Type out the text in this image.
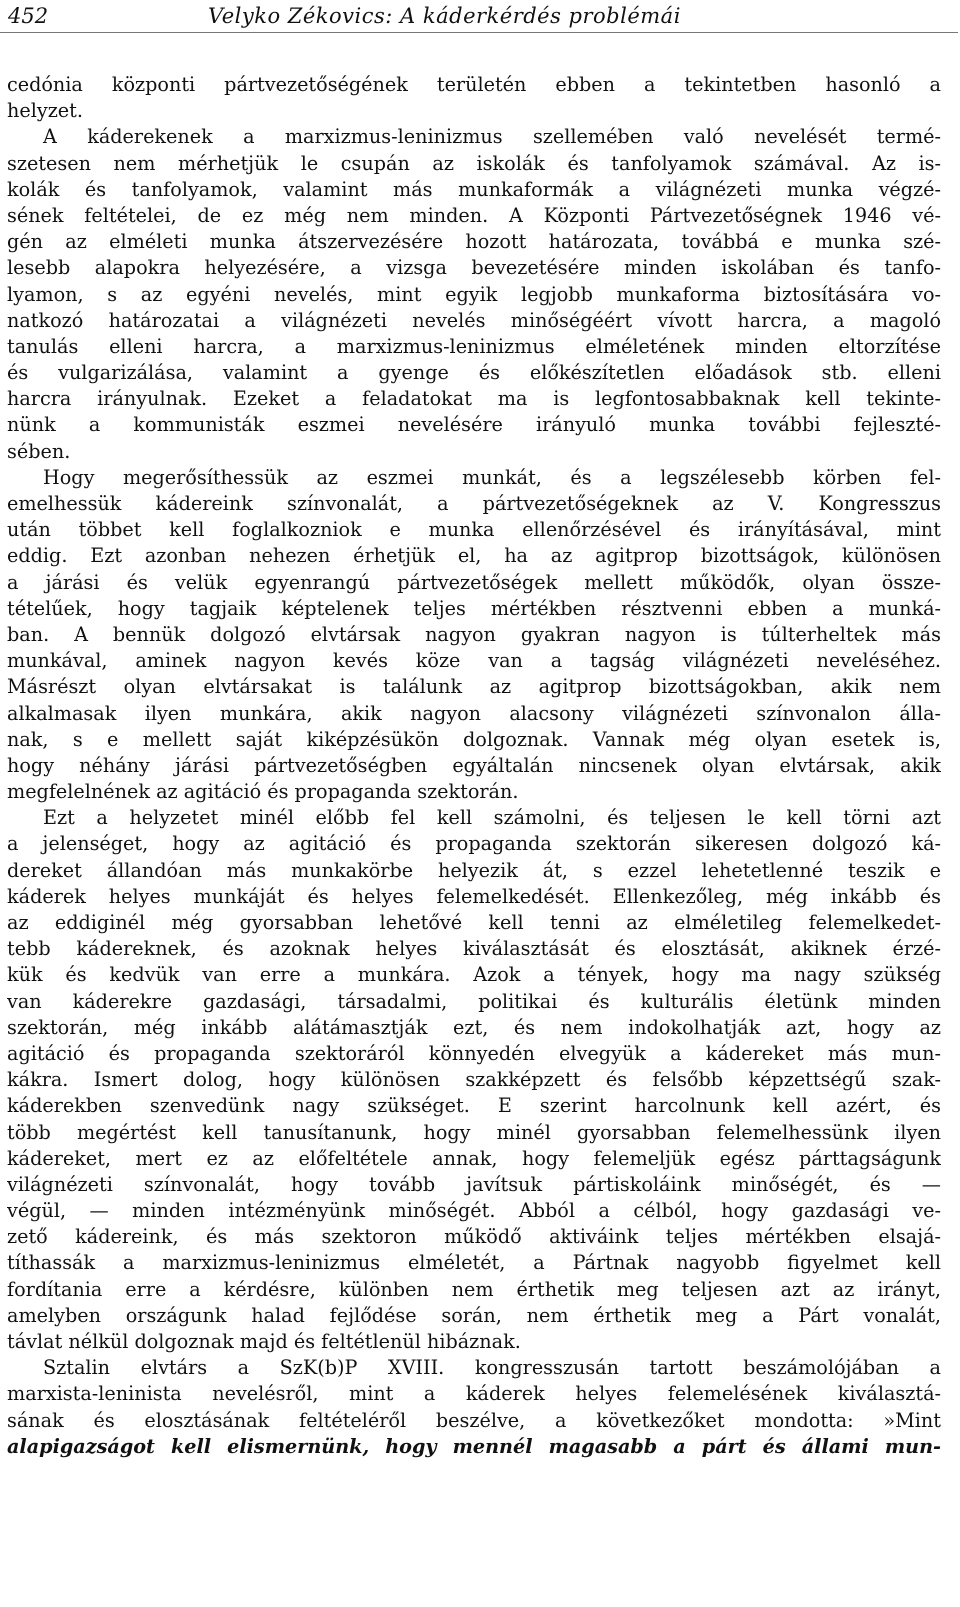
452	Velyko Zékovics: A káderkérdés problémái
cedónia központi pártvezetőségének területén ebben a tekintetben hasonló a
helyzet.
A káderekenek a marxizmus-leninizmus szellemében való nevelését termé-
szetesen nem mérhetjük le csupán az iskolák és tanfolyamok számával. Az is-
kolák és tanfolyamok, valamint más munkaformák a világnézeti munka végzé-
sének feltételei, de ez még nem minden. A Központi Pártvezetőségnek 1946 vé-
gén az elméleti munka átszervezésére hozott határozata, továbbá e munka szé-
lesebb alapokra helyezésére, a vizsga bevezetésére minden iskolában és tanfo-
lyamon, s az egyéni nevelés, mint egyik legjobb munkaforma biztosítására vo-
natkozó határozatai a világnézeti nevelés minőségéért vívott harcra, a magoló
tanulás elleni harcra, a marxizmus-leninizmus elméletének minden eltorzítése
és vulgarizálása, valamint a gyenge és előkészítetlen előadások stb. elleni
harcra irányulnak. Ezeket a feladatokat ma is legfontosabbaknak kell tekinte-
nünk a kommunisták eszmei nevelésére irányuló munka további fejleszté-
sében.
Hogy megerősíthessük az eszmei munkát, és a legszélesebb körben fel-
emelhessük kádereink színvonalát, a pártvezetőségeknek az V. Kongresszus
után többet kell foglalkozniok e munka ellenőrzésével és irányításával, mint
eddig. Ezt azonban nehezen érhetjük el, ha az agitprop bizottságok, különösen
a járási és velük egyenrangú pártvezetőségek mellett működők, olyan össze-
tételűek, hogy tagjaik képtelenek teljes mértékben résztvenni ebben a munká-
ban. A bennük dolgozó elvtársak nagyon gyakran nagyon is túlterheltek más
munkával, aminek nagyon kevés köze van a tagság világnézeti neveléséhez.
Másrészt olyan elvtársakat is találunk az agitprop bizottságokban, akik nem
alkalmasak ilyen munkára, akik nagyon alacsony világnézeti színvonalon álla-
nak, s e mellett saját kiképzésükön dolgoznak. Vannak még olyan esetek is,
hogy néhány járási pártvezetőségben egyáltalán nincsenek olyan elvtársak, akik
megfelelnének az agitáció és propaganda szektorán.
Ezt a helyzetet minél előbb fel kell számolni, és teljesen le kell törni azt
a jelenséget, hogy az agitáció és propaganda szektorán sikeresen dolgozó ká-
dereket állandóan más munkakörbe helyezik át, s ezzel lehetetlenné teszik e
káderek helyes munkáját és helyes felemelkedését. Ellenkezőleg, még inkább és
az eddiginél még gyorsabban lehetővé kell tenni az elméletileg felemelkedet-
tebb kádereknek, és azoknak helyes kiválasztását és elosztását, akiknek érzé-
kük és kedvük van erre a munkára. Azok a tények, hogy ma nagy szükség
van káderekre gazdasági, társadalmi, politikai és kulturális életünk minden
szektorán, még inkább alátámasztják ezt, és nem indokolhatják azt, hogy az
agitáció és propaganda szektoráról könnyedén elvegyük a kádereket más mun-
kákra. Ismert dolog, hogy különösen szakképzett és felsőbb képzettségű szak-
káderekben szenvedünk nagy szükséget. E szerint harcolnunk kell azért, és
több megértést kell tanusítanunk, hogy minél gyorsabban felemelhessünk ilyen
kádereket, mert ez az előfeltétele annak, hogy felemeljük egész párttagságunk
világnézeti színvonalát, hogy tovább javítsuk pártiskoláink minőségét, és —
végül, — minden intézményünk minőségét. Abból a célból, hogy gazdasági ve-
zető kádereink, és más szektoron működő aktiváink teljes mértékben elsajá-
títhassák a marxizmus-leninizmus elméletét, a Pártnak nagyobb figyelmet kell
fordítania erre a kérdésre, különben nem érthetik meg teljesen azt az irányt,
amelyben országunk halad fejlődése során, nem érthetik meg a Párt vonalát,
távlat nélkül dolgoznak majd és feltétlenül hibáznak.
Sztalin elvtárs a SzK(b)P XVIII. kongresszusán tartott beszámolójában a
marxista-leninista nevelésről, mint a káderek helyes felemelésének kiválasztá-
sának és elosztásának feltételéről beszélve, a következőket mondotta: »Mint
alapigazságot kell elismernünk, hogy mennél magasabb a párt és állami mun-
